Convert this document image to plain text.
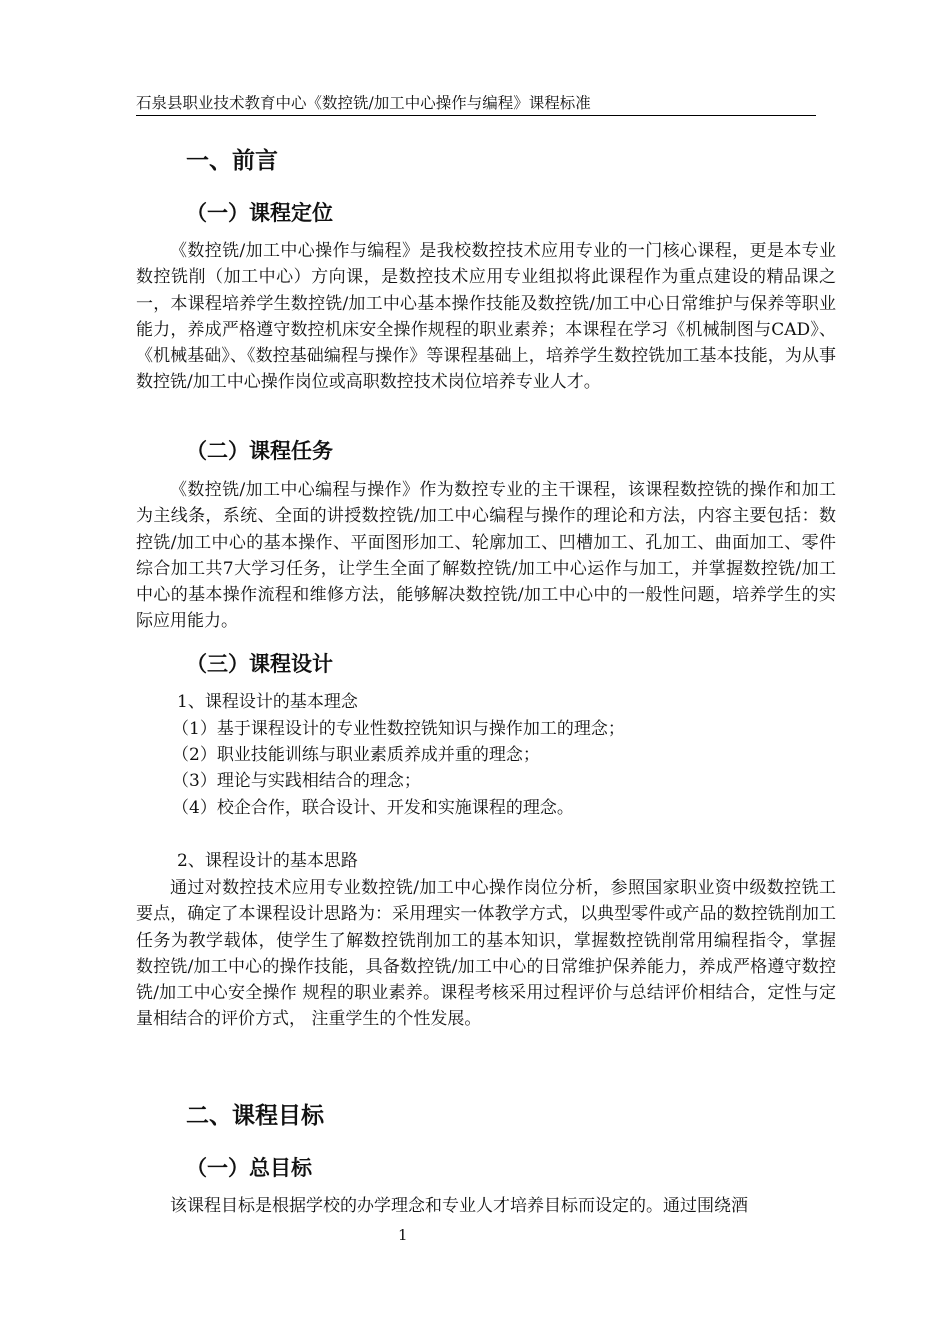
石泉县职业技术教育中心《数控铣/加工中心操作与编程》课程标准
一、前言
（一）课程定位

《数控铣/加工中心操作与编程》是我校数控技术应用专业的一门核心课程，更是本专业数控铣削（加工中心）方向课，是数控技术应用专业组拟将此课程作为重点建设的精品课之一，本课程培养学生数控铣/加工中心基本操作技能及数控铣/加工中心日常维护与保养等职业能力，养成严格遵守数控机床安全操作规程的职业素养；本课程在学习《机械制图与CAD》、《机械基础》、《数控基础编程与操作》等课程基础上，培养学生数控铣加工基本技能，为从事数控铣/加工中心操作岗位或高职数控技术岗位培养专业人才。

（二）课程任务

《数控铣/加工中心编程与操作》作为数控专业的主干课程，该课程数控铣的操作和加工为主线条，系统、全面的讲授数控铣/加工中心编程与操作的理论和方法，内容主要包括：数控铣/加工中心的基本操作、平面图形加工、轮廓加工、凹槽加工、孔加工、曲面加工、零件综合加工共7大学习任务，让学生全面了解数控铣/加工中心运作与加工，并掌握数控铣/加工中心的基本操作流程和维修方法，能够解决数控铣/加工中心中的一般性问题，培养学生的实际应用能力。

（三）课程设计
1、课程设计的基本理念
（1）基于课程设计的专业性数控铣知识与操作加工的理念；
（2）职业技能训练与职业素质养成并重的理念；
（3）理论与实践相结合的理念；
（4）校企合作，联合设计、开发和实施课程的理念。
2、课程设计的基本思路

通过对数控技术应用专业数控铣/加工中心操作岗位分析，参照国家职业资中级数控铣工要点，确定了本课程设计思路为：采用理实一体教学方式，以典型零件或产品的数控铣削加工 任务为教学载体，使学生了解数控铣削加工的基本知识，掌握数控铣削常用编程指令，掌握 数控铣/加工中心的操作技能，具备数控铣/加工中心的日常维护保养能力，养成严格遵守数控铣/加工中心安全操作 规程的职业素养。课程考核采用过程评价与总结评价相结合，定性与定量相结合的评价方式， 注重学生的个性发展。

二、课程目标
（一）总目标

该课程目标是根据学校的办学理念和专业人才培养目标而设定的。通过围绕酒

1
